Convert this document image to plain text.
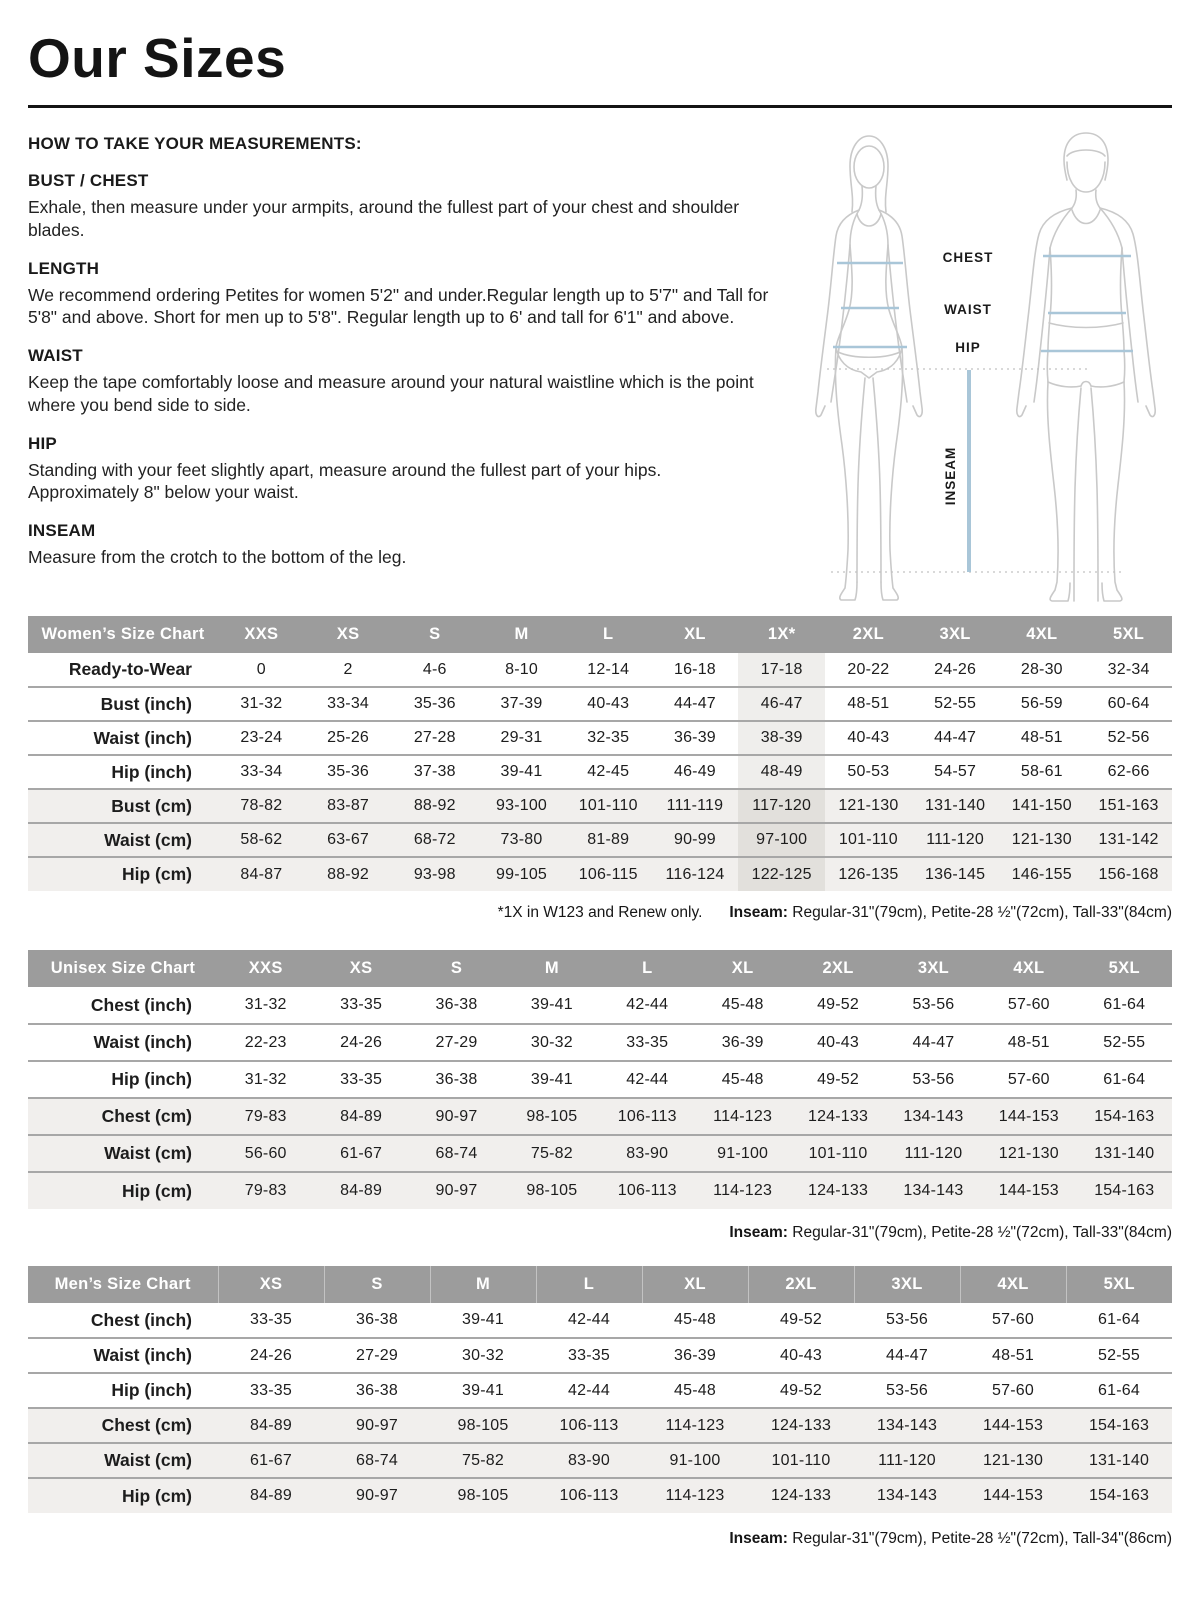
Our Sizes
HOW TO TAKE YOUR MEASUREMENTS:
BUST / CHEST

Exhale, then measure under your armpits, around the fullest part of your chest and shoulder blades.

LENGTH

We recommend ordering Petites for women 5'2" and under.Regular length up to 5'7" and Tall for 5'8" and above. Short for men up to 5'8". Regular length up to 6' and tall for 6'1" and above.

WAIST

Keep the tape comfortably loose and measure around your natural waistline which is the point where you bend side to side.

HIP

Standing with your feet slightly apart, measure around the fullest part of your hips. Approximately 8" below your waist.

INSEAM

Measure from the crotch to the bottom of the leg.

CHEST
WAIST
HIP
INSEAM
Women’s Size Chart	XXS	XS	S	M	L	XL	1X*	2XL	3XL	4XL	5XL
Ready-to-Wear	0	2	4-6	8-10	12-14	16-18	17-18	20-22	24-26	28-30	32-34
Bust (inch)	31-32	33-34	35-36	37-39	40-43	44-47	46-47	48-51	52-55	56-59	60-64
Waist (inch)	23-24	25-26	27-28	29-31	32-35	36-39	38-39	40-43	44-47	48-51	52-56
Hip (inch)	33-34	35-36	37-38	39-41	42-45	46-49	48-49	50-53	54-57	58-61	62-66
Bust (cm)	78-82	83-87	88-92	93-100	101-110	111-119	117-120	121-130	131-140	141-150	151-163
Waist (cm)	58-62	63-67	68-72	73-80	81-89	90-99	97-100	101-110	111-120	121-130	131-142
Hip (cm)	84-87	88-92	93-98	99-105	106-115	116-124	122-125	126-135	136-145	146-155	156-168
*1X in W123 and Renew only. Inseam: Regular-31"(79cm), Petite-28 ½"(72cm), Tall-33"(84cm)
Unisex Size Chart	XXS	XS	S	M	L	XL	2XL	3XL	4XL	5XL
Chest (inch)	31-32	33-35	36-38	39-41	42-44	45-48	49-52	53-56	57-60	61-64
Waist (inch)	22-23	24-26	27-29	30-32	33-35	36-39	40-43	44-47	48-51	52-55
Hip (inch)	31-32	33-35	36-38	39-41	42-44	45-48	49-52	53-56	57-60	61-64
Chest (cm)	79-83	84-89	90-97	98-105	106-113	114-123	124-133	134-143	144-153	154-163
Waist (cm)	56-60	61-67	68-74	75-82	83-90	91-100	101-110	111-120	121-130	131-140
Hip (cm)	79-83	84-89	90-97	98-105	106-113	114-123	124-133	134-143	144-153	154-163
Inseam: Regular-31"(79cm), Petite-28 ½"(72cm), Tall-33"(84cm)
Men’s Size Chart	XS	S	M	L	XL	2XL	3XL	4XL	5XL
Chest (inch)	33-35	36-38	39-41	42-44	45-48	49-52	53-56	57-60	61-64
Waist (inch)	24-26	27-29	30-32	33-35	36-39	40-43	44-47	48-51	52-55
Hip (inch)	33-35	36-38	39-41	42-44	45-48	49-52	53-56	57-60	61-64
Chest (cm)	84-89	90-97	98-105	106-113	114-123	124-133	134-143	144-153	154-163
Waist (cm)	61-67	68-74	75-82	83-90	91-100	101-110	111-120	121-130	131-140
Hip (cm)	84-89	90-97	98-105	106-113	114-123	124-133	134-143	144-153	154-163
Inseam: Regular-31"(79cm), Petite-28 ½"(72cm), Tall-34"(86cm)
